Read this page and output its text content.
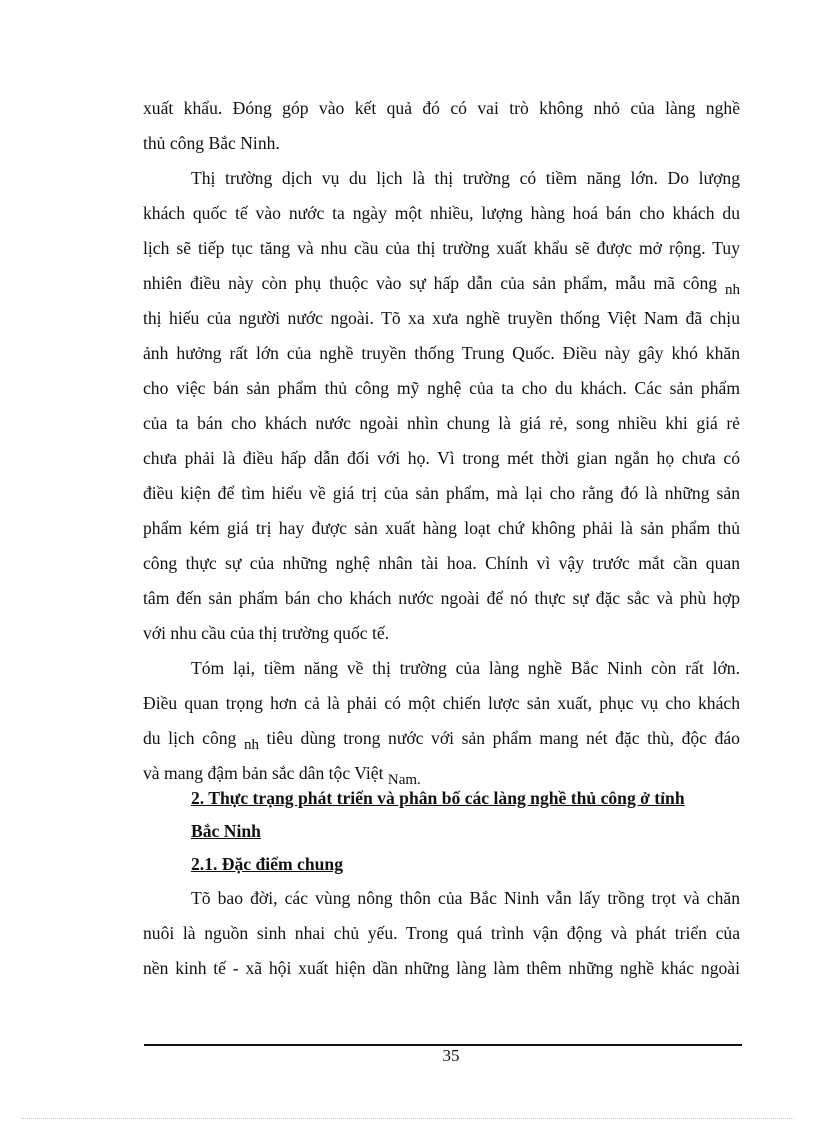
xuất khẩu. Đóng góp vào kết quả đó có vai trò không nhỏ của làng nghề
thủ công Bắc Ninh.
Thị trường dịch vụ du lịch là thị trường có tiềm năng lớn. Do lượng
khách quốc tế vào nước ta ngày một nhiều, lượng hàng hoá bán cho khách du
lịch sẽ tiếp tục tăng và nhu cầu của thị trường xuất khẩu sẽ được mở rộng. Tuy
nhiên điều này còn phụ thuộc vào sự hấp dẫn của sản phẩm, mẫu mã công nh
thị hiếu của người nước ngoài. Tõ xa xưa nghề truyền thống Việt Nam đã chịu
ảnh hưởng rất lớn của nghề truyền thống Trung Quốc. Điều này gây khó khăn
cho việc bán sản phẩm thủ công mỹ nghệ của ta cho du khách. Các sản phẩm
của ta bán cho khách nước ngoài nhìn chung là giá rẻ, song nhiều khi giá rẻ
chưa phải là điều hấp dẫn đối với họ. Vì trong mét thời gian ngắn họ chưa có
điều kiện để tìm hiểu về giá trị của sản phẩm, mà lại cho rằng đó là những sản
phẩm kém giá trị hay được sản xuất hàng loạt chứ không phải là sản phẩm thủ
công thực sự của những nghệ nhân tài hoa. Chính vì vậy trước mắt cần quan
tâm đến sản phẩm bán cho khách nước ngoài để nó thực sự đặc sắc và phù hợp
với nhu cầu của thị trường quốc tế.
Tóm lại, tiềm năng về thị trường của làng nghề Bắc Ninh còn rất lớn.
Điều quan trọng hơn cả là phải có một chiến lược sản xuất, phục vụ cho khách
du lịch công nh tiêu dùng trong nước với sản phẩm mang nét đặc thù, độc đáo
và mang đậm bản sắc dân tộc Việt Nam.
2. Thực trạng phát triển và phân bố các làng nghề thủ công ở tỉnh
Bắc Ninh
2.1. Đặc điểm chung
Tõ bao đời, các vùng nông thôn của Bắc Ninh vẫn lấy trồng trọt và chăn
nuôi là nguồn sinh nhai chủ yếu. Trong quá trình vận động và phát triển của
nền kinh tế - xã hội xuất hiện dần những làng làm thêm những nghề khác ngoài
35
